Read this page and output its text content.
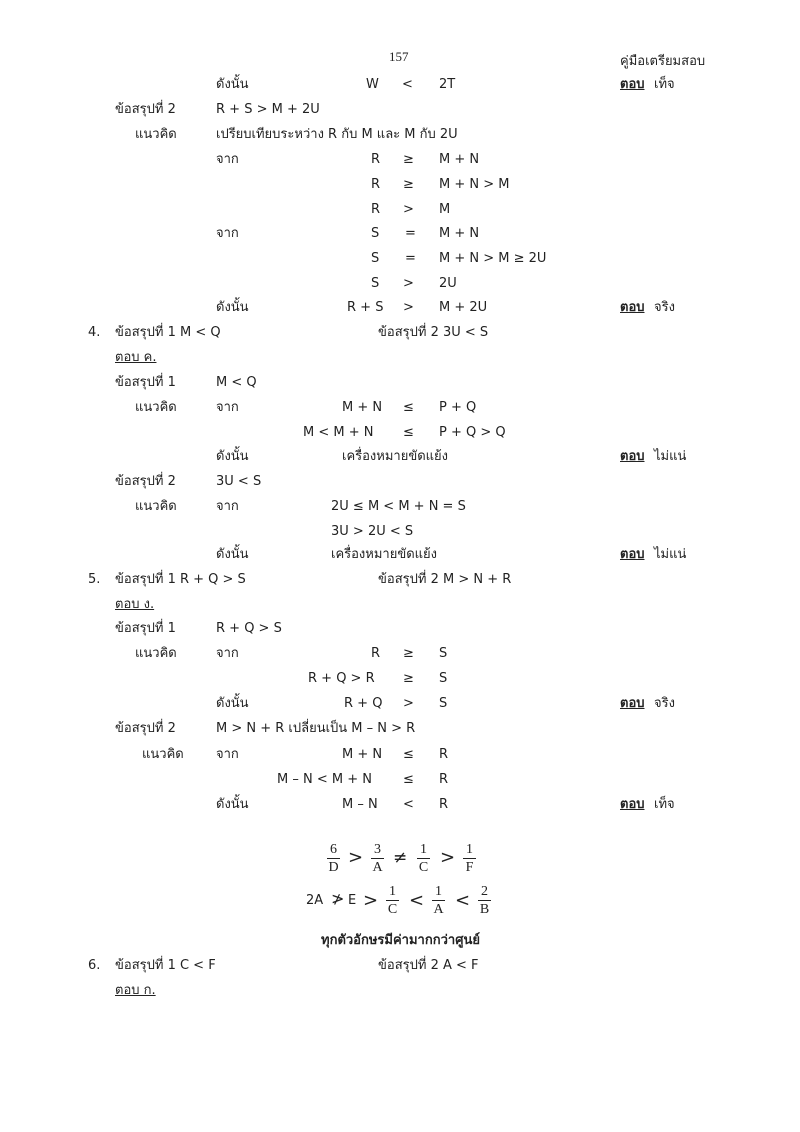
157	คู่มือเตรียมสอบ
ดังนั้น	W < 2T	ตอบ เท็จ
ข้อสรุปที่ 2	R + S > M + 2U
แนวคิด	เปรียบเทียบระหว่าง R กับ M และ M กับ 2U
จาก	R ≥ M + N
R ≥ M + N > M
R > M
จาก	S = M + N
S = M + N > M ≥ 2U
S > 2U
ดังนั้น	R + S > M + 2U	ตอบ จริง
4. ข้อสรุปที่ 1 M < Q	ข้อสรุปที่ 2 3U < S
ตอบ ค.
ข้อสรุปที่ 1	M < Q
แนวคิด	จาก	M + N ≤ P + Q
M < M + N ≤ P + Q > Q
ดังนั้น	เครื่องหมายขัดแย้ง	ตอบ ไม่แน่
ข้อสรุปที่ 2	3U < S
แนวคิด	จาก	2U ≤ M < M + N = S
3U > 2U < S
ดังนั้น	เครื่องหมายขัดแย้ง	ตอบ ไม่แน่
5. ข้อสรุปที่ 1 R + Q > S	ข้อสรุปที่ 2 M > N + R
ตอบ ง.
ข้อสรุปที่ 1	R + Q > S
แนวคิด	จาก	R ≥ S
R + Q > R ≥ S
ดังนั้น	R + Q > S	ตอบ จริง
ข้อสรุปที่ 2	M > N + R เปลี่ยนเป็น M – N > R
แนวคิด จาก	M + N ≤ R
M – N < M + N ≤ R
ดังนั้น	M – N < R	ตอบ เท็จ
6
D > 3
A ≠ 1
C > 1
F
2A ≯ E > 1
C < 1
A < 2
B
ทุกตัวอักษรมีค่ามากกว่าศูนย์
6. ข้อสรุปที่ 1 C < F	ข้อสรุปที่ 2 A < F
ตอบ ก.
